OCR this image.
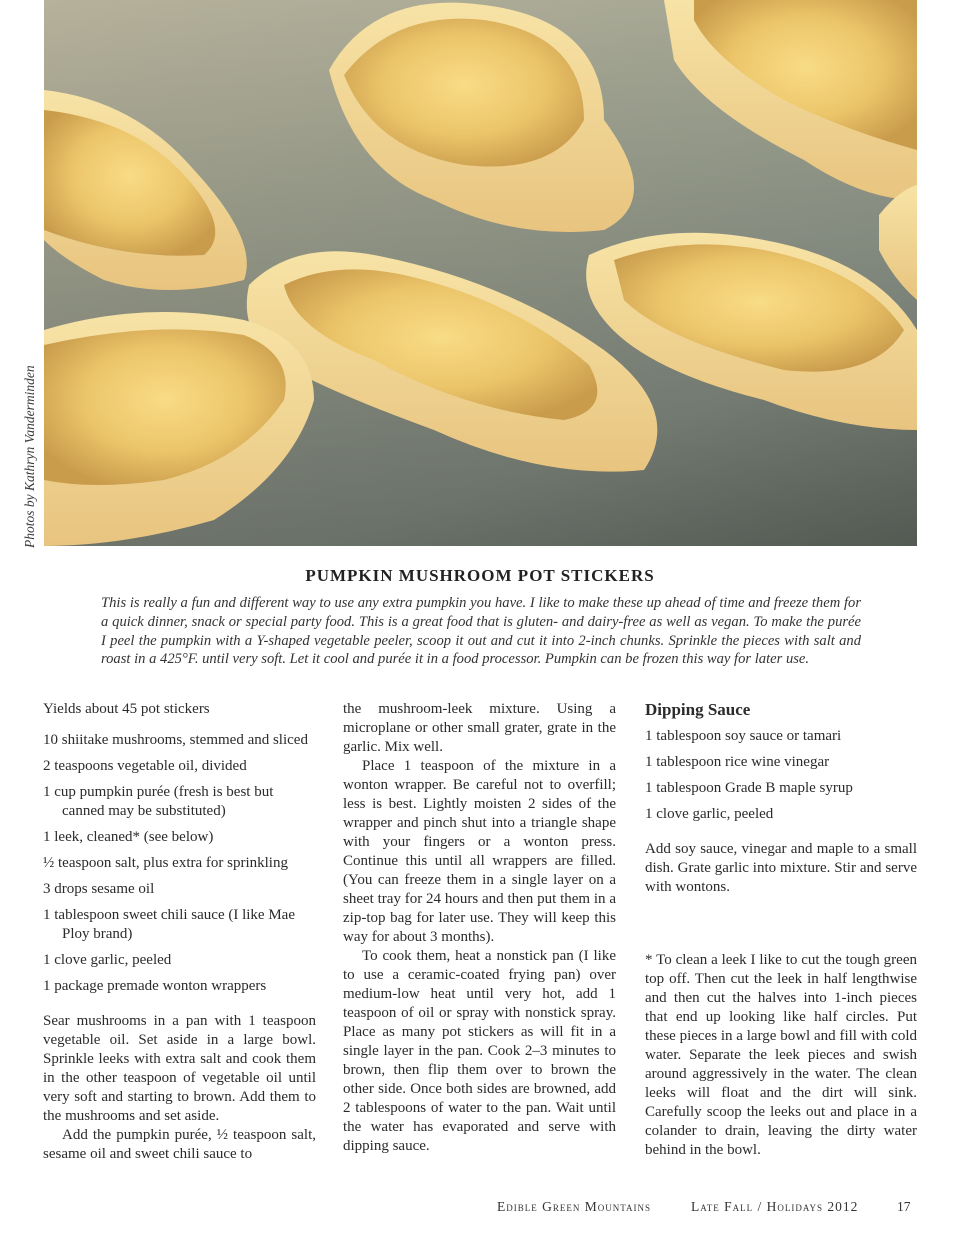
Photos by Kathryn Vanderminden
PUMPKIN MUSHROOM POT STICKERS
This is really a fun and different way to use any extra pumpkin you have. I like to make these up ahead of time and freeze them for a quick dinner, snack or special party food. This is a great food that is gluten- and dairy-free as well as vegan. To make the purée I peel the pumpkin with a Y-shaped vegetable peeler, scoop it out and cut it into 2-inch chunks. Sprinkle the pieces with salt and roast in a 425°F. until very soft. Let it cool and purée it in a food processor. Pumpkin can be frozen this way for later use.

Yields about 45 pot stickers

10 shiitake mushrooms, stemmed and sliced

2 teaspoons vegetable oil, divided

1 cup pumpkin purée (fresh is best but canned may be substituted)

1 leek, cleaned* (see below)

½ teaspoon salt, plus extra for sprinkling

3 drops sesame oil

1 tablespoon sweet chili sauce (I like Mae Ploy brand)

1 clove garlic, peeled

1 package premade wonton wrappers

Sear mushrooms in a pan with 1 teaspoon vegetable oil. Set aside in a large bowl. Sprinkle leeks with extra salt and cook them in the other teaspoon of vegetable oil until very soft and starting to brown. Add them to the mushrooms and set aside.

Add the pumpkin purée, ½ teaspoon salt, sesame oil and sweet chili sauce to

the mushroom-leek mixture. Using a microplane or other small grater, grate in the garlic. Mix well.

Place 1 teaspoon of the mixture in a wonton wrapper. Be careful not to overfill; less is best. Lightly moisten 2 sides of the wrapper and pinch shut into a triangle shape with your fingers or a wonton press. Continue this until all wrappers are filled. (You can freeze them in a single layer on a sheet tray for 24 hours and then put them in a zip-top bag for later use. They will keep this way for about 3 months).

To cook them, heat a nonstick pan (I like to use a ceramic-coated frying pan) over medium-low heat until very hot, add 1 teaspoon of oil or spray with nonstick spray. Place as many pot stickers as will fit in a single layer in the pan. Cook 2–3 minutes to brown, then flip them over to brown the other side. Once both sides are browned, add 2 tablespoons of water to the pan. Wait until the water has evaporated and serve with dipping sauce.

Dipping Sauce

1 tablespoon soy sauce or tamari

1 tablespoon rice wine vinegar

1 tablespoon Grade B maple syrup

1 clove garlic, peeled

Add soy sauce, vinegar and maple to a small dish. Grate garlic into mixture. Stir and serve with wontons.

* To clean a leek I like to cut the tough green top off. Then cut the leek in half lengthwise and then cut the halves into 1-inch pieces that end up looking like half circles. Put these pieces in a large bowl and fill with cold water. Separate the leek pieces and swish around aggressively in the water. The clean leeks will float and the dirt will sink. Carefully scoop the leeks out and place in a colander to drain, leaving the dirty water behind in the bowl.

Edible Green Mountains	Late Fall / Holidays 2012	17
